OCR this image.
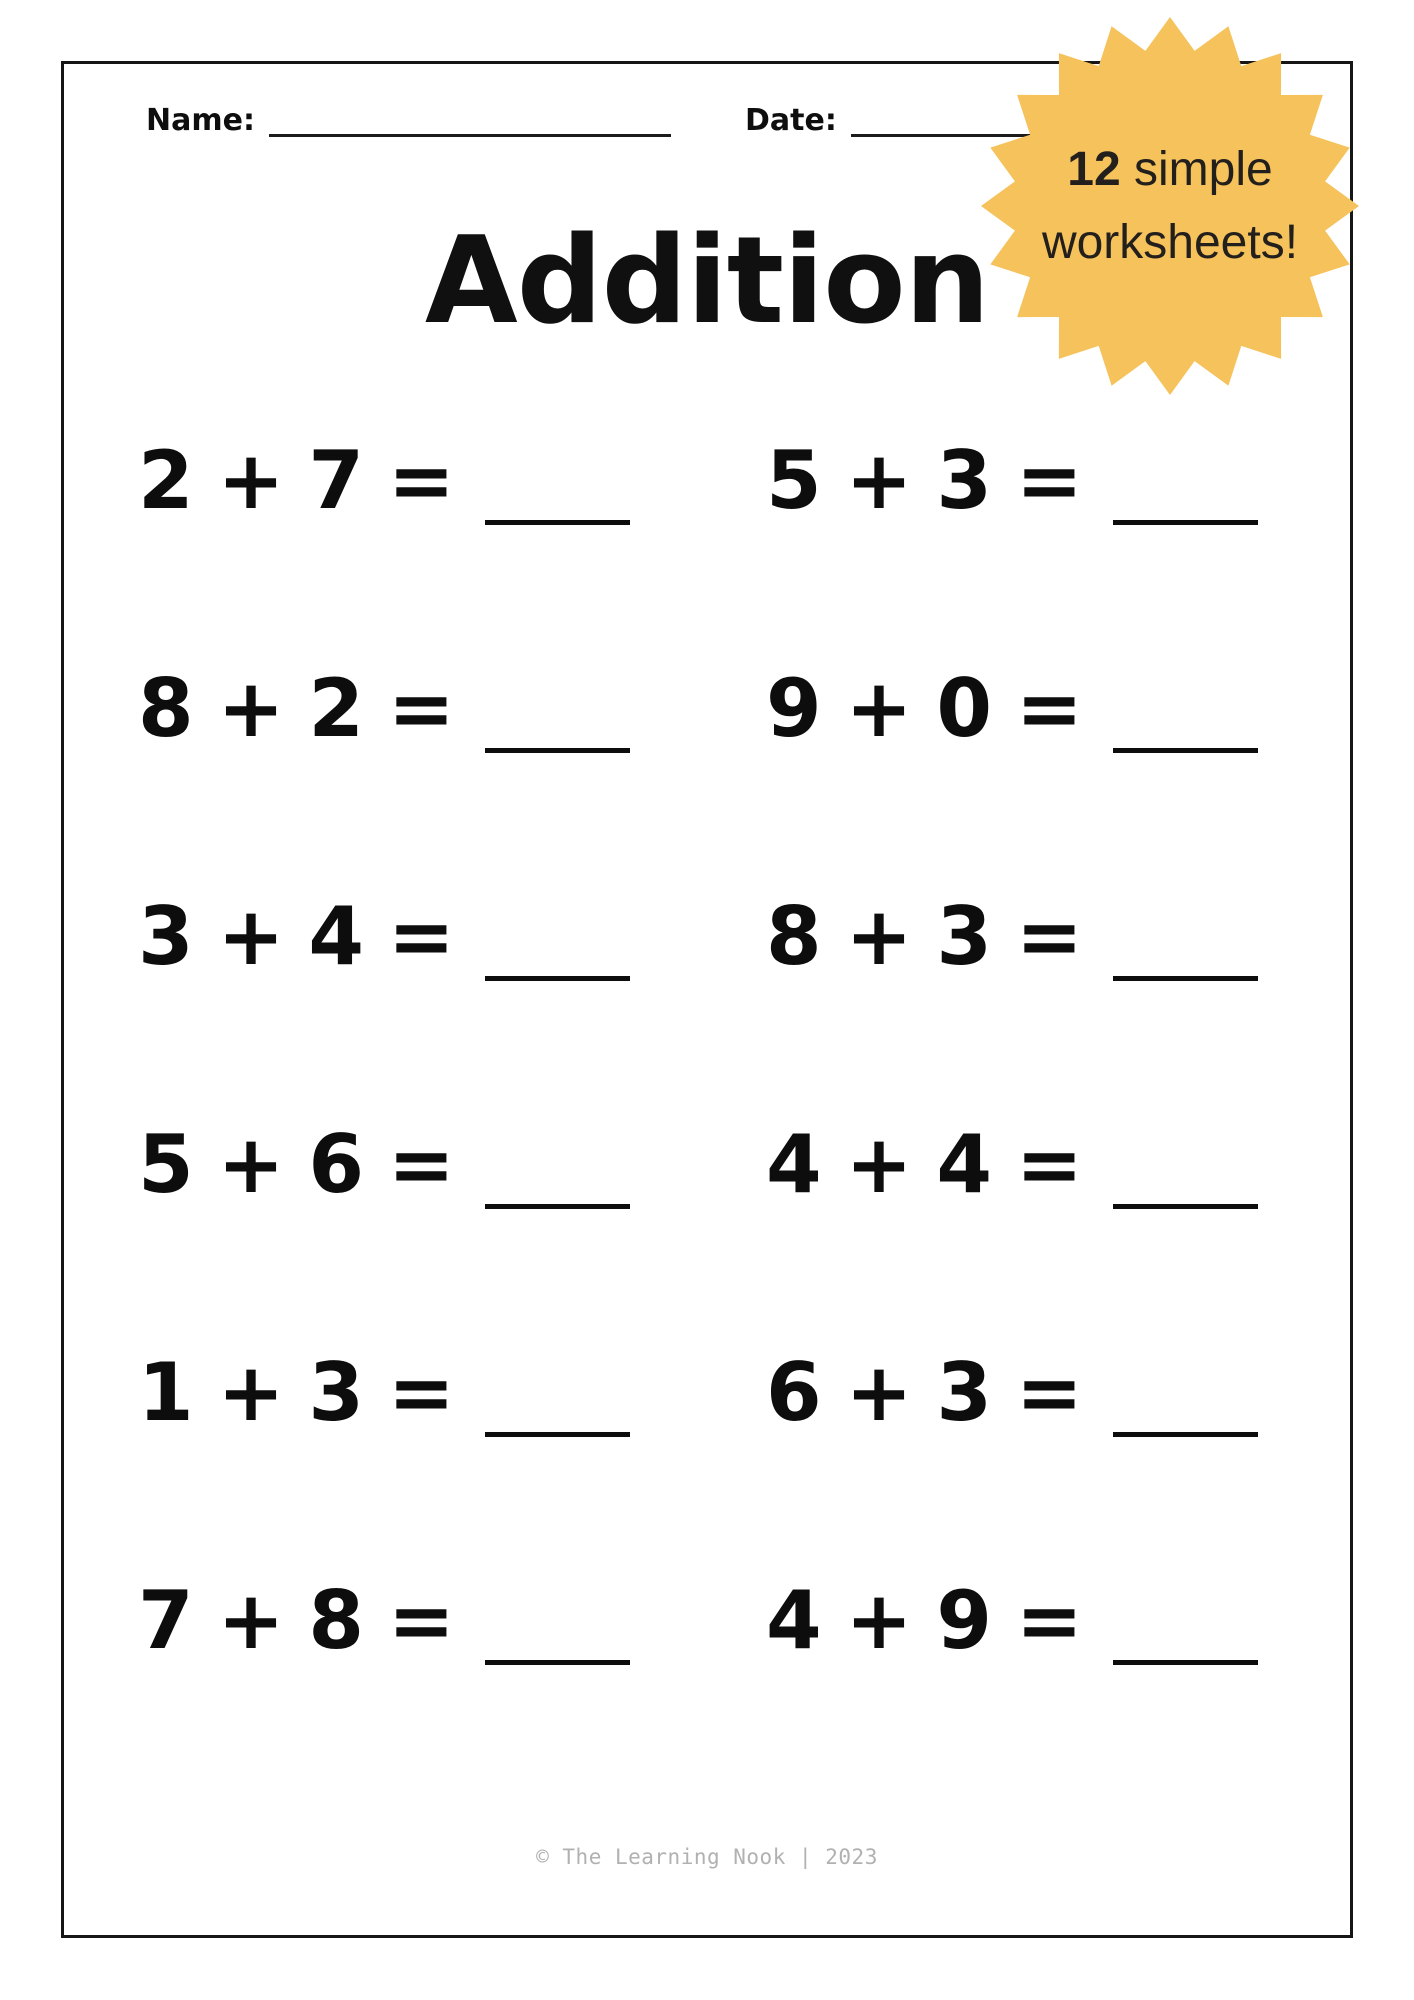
Name:	Date:
Addition
2 + 7 =	5 + 3 =
8 + 2 =	9 + 0 =
3 + 4 =	8 + 3 =
5 + 6 =	4 + 4 =
1 + 3 =	6 + 3 =
7 + 8 =	4 + 9 =
© The Learning Nook | 2023
12 simple
worksheets!
